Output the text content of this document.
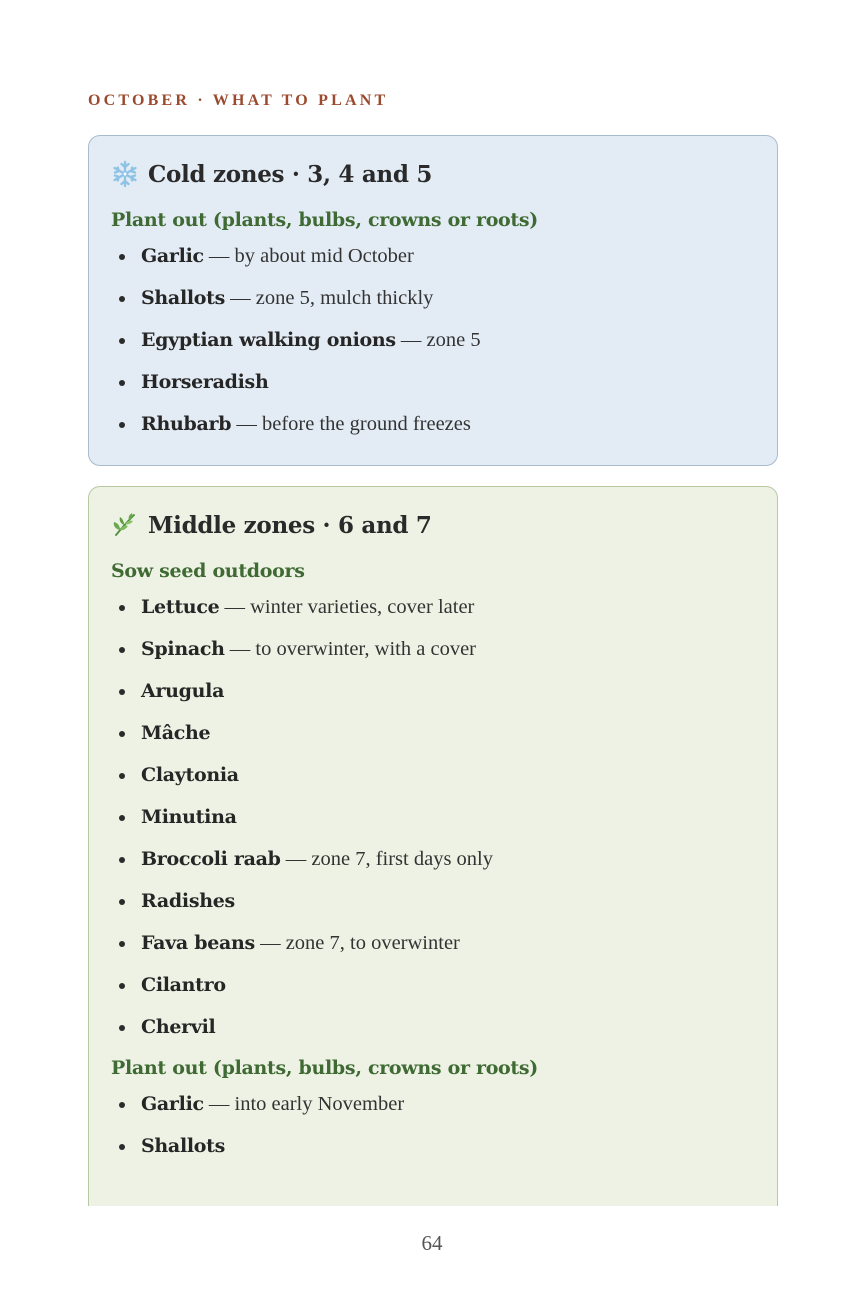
OCTOBER · WHAT TO PLANT
Cold zones · 3, 4 and 5
Plant out (plants, bulbs, crowns or roots)
Garlic — by about mid October
Shallots — zone 5, mulch thickly
Egyptian walking onions — zone 5
Horseradish
Rhubarb — before the ground freezes
Middle zones · 6 and 7
Sow seed outdoors
Lettuce — winter varieties, cover later
Spinach — to overwinter, with a cover
Arugula
Mâche
Claytonia
Minutina
Broccoli raab — zone 7, first days only
Radishes
Fava beans — zone 7, to overwinter
Cilantro
Chervil
Plant out (plants, bulbs, crowns or roots)
Garlic — into early November
Shallots
64
